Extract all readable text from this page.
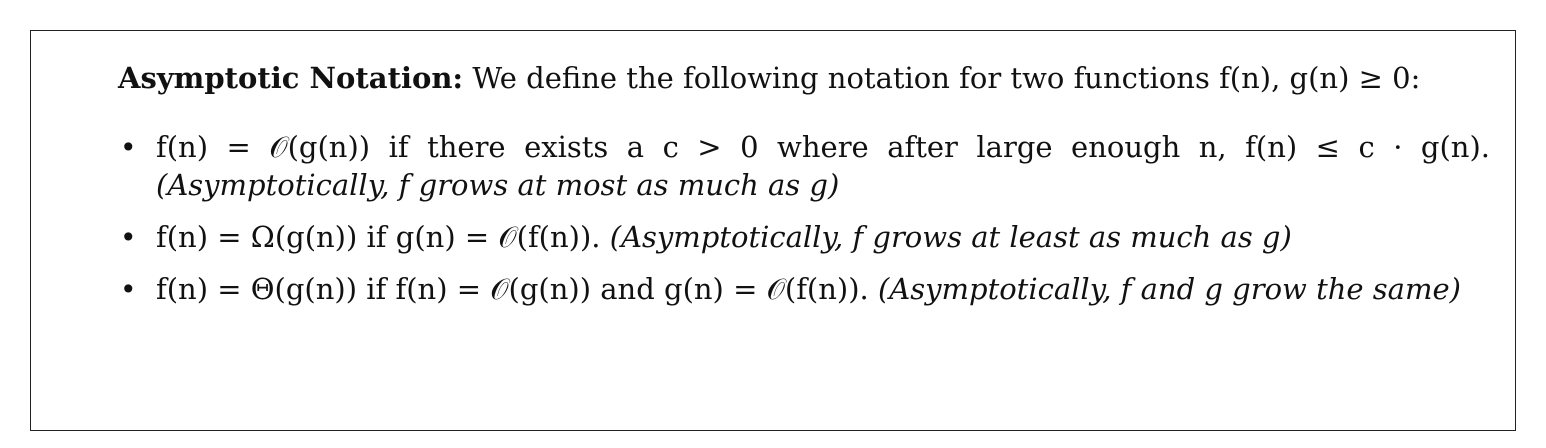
Asymptotic Notation: We define the following notation for two functions f(n), g(n) ≥ 0:
• f(n) = 𝒪(g(n)) if there exists a c > 0 where after large enough n, f(n) ≤ c · g(n). (Asymptotically, f grows at most as much as g)
• f(n) = Ω(g(n)) if g(n) = 𝒪(f(n)). (Asymptotically, f grows at least as much as g)
• f(n) = Θ(g(n)) if f(n) = 𝒪(g(n)) and g(n) = 𝒪(f(n)). (Asymptotically, f and g grow the same)
